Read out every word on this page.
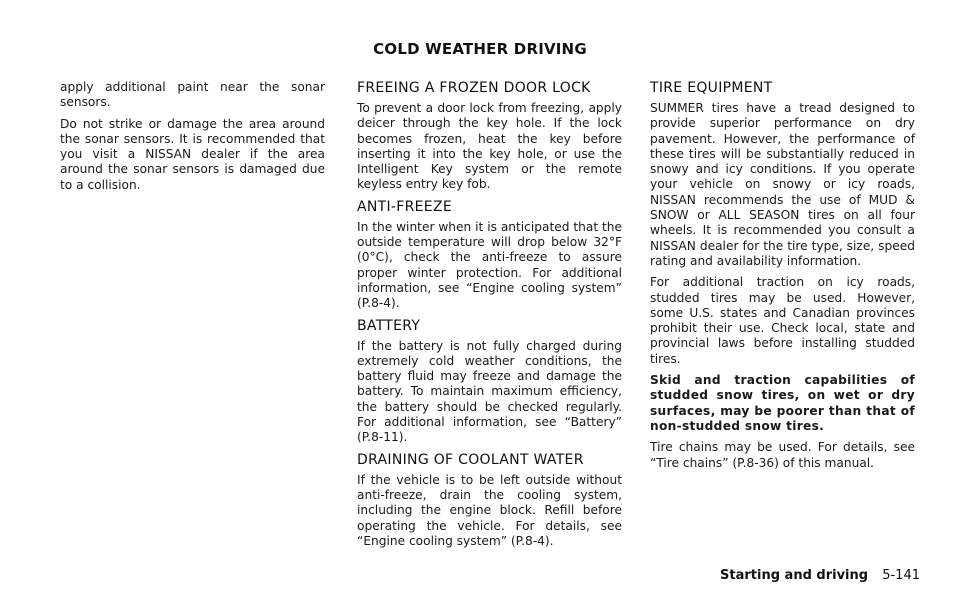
COLD WEATHER DRIVING

apply additional paint near the sonar sensors.

Do not strike or damage the area around the sonar sensors. It is recommended that you visit a NISSAN dealer if the area around the sonar sensors is damaged due to a collision.

FREEING A FROZEN DOOR LOCK

To prevent a door lock from freezing, apply deicer through the key hole. If the lock becomes frozen, heat the key before inserting it into the key hole, or use the Intelligent Key system or the remote keyless entry key fob.

ANTI-FREEZE

In the winter when it is anticipated that the outside temperature will drop below 32°F (0°C), check the anti-freeze to assure proper winter protection. For additional information, see “Engine cooling system” (P.8-4).

BATTERY

If the battery is not fully charged during extremely cold weather conditions, the battery fluid may freeze and damage the battery. To maintain maximum efficiency, the battery should be checked regularly. For additional information, see “Battery” (P.8-11).

DRAINING OF COOLANT WATER

If the vehicle is to be left outside without anti-freeze, drain the cooling system, including the engine block. Refill before operating the vehicle. For details, see “Engine cooling system” (P.8-4).

TIRE EQUIPMENT

SUMMER tires have a tread designed to provide superior performance on dry pavement. However, the performance of these tires will be substantially reduced in snowy and icy conditions. If you operate your vehicle on snowy or icy roads, NISSAN recommends the use of MUD & SNOW or ALL SEASON tires on all four wheels. It is recommended you consult a NISSAN dealer for the tire type, size, speed rating and availability information.

For additional traction on icy roads, studded tires may be used. However, some U.S. states and Canadian provinces prohibit their use. Check local, state and provincial laws before installing studded tires.

Skid and traction capabilities of studded snow tires, on wet or dry surfaces, may be poorer than that of non-studded snow tires.

Tire chains may be used. For details, see “Tire chains” (P.8-36) of this manual.

Starting and driving 5-141
